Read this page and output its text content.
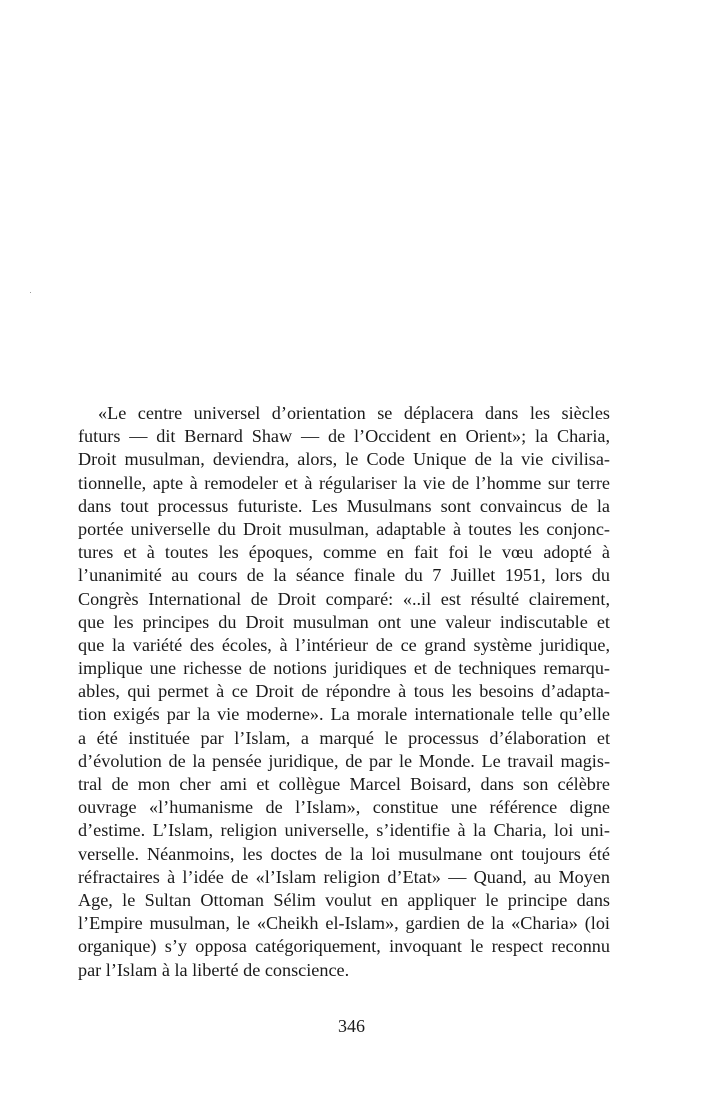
«Le centre universel d’orientation se déplacera dans les siècles
futurs — dit Bernard Shaw — de l’Occident en Orient»; la Charia,
Droit musulman, deviendra, alors, le Code Unique de la vie civilisa-
tionnelle, apte à remodeler et à régulariser la vie de l’homme sur terre
dans tout processus futuriste. Les Musulmans sont convaincus de la
portée universelle du Droit musulman, adaptable à toutes les conjonc-
tures et à toutes les époques, comme en fait foi le vœu adopté à
l’unanimité au cours de la séance finale du 7 Juillet 1951, lors du
Congrès International de Droit comparé: «..il est résulté clairement,
que les principes du Droit musulman ont une valeur indiscutable et
que la variété des écoles, à l’intérieur de ce grand système juridique,
implique une richesse de notions juridiques et de techniques remarqu-
ables, qui permet à ce Droit de répondre à tous les besoins d’adapta-
tion exigés par la vie moderne». La morale internationale telle qu’elle
a été instituée par l’Islam, a marqué le processus d’élaboration et
d’évolution de la pensée juridique, de par le Monde. Le travail magis-
tral de mon cher ami et collègue Marcel Boisard, dans son célèbre
ouvrage «l’humanisme de l’Islam», constitue une référence digne
d’estime. L’Islam, religion universelle, s’identifie à la Charia, loi uni-
verselle. Néanmoins, les doctes de la loi musulmane ont toujours été
réfractaires à l’idée de «l’Islam religion d’Etat» — Quand, au Moyen
Age, le Sultan Ottoman Sélim voulut en appliquer le principe dans
l’Empire musulman, le «Cheikh el-Islam», gardien de la «Charia» (loi
organique) s’y opposa catégoriquement, invoquant le respect reconnu
par l’Islam à la liberté de conscience.
346
